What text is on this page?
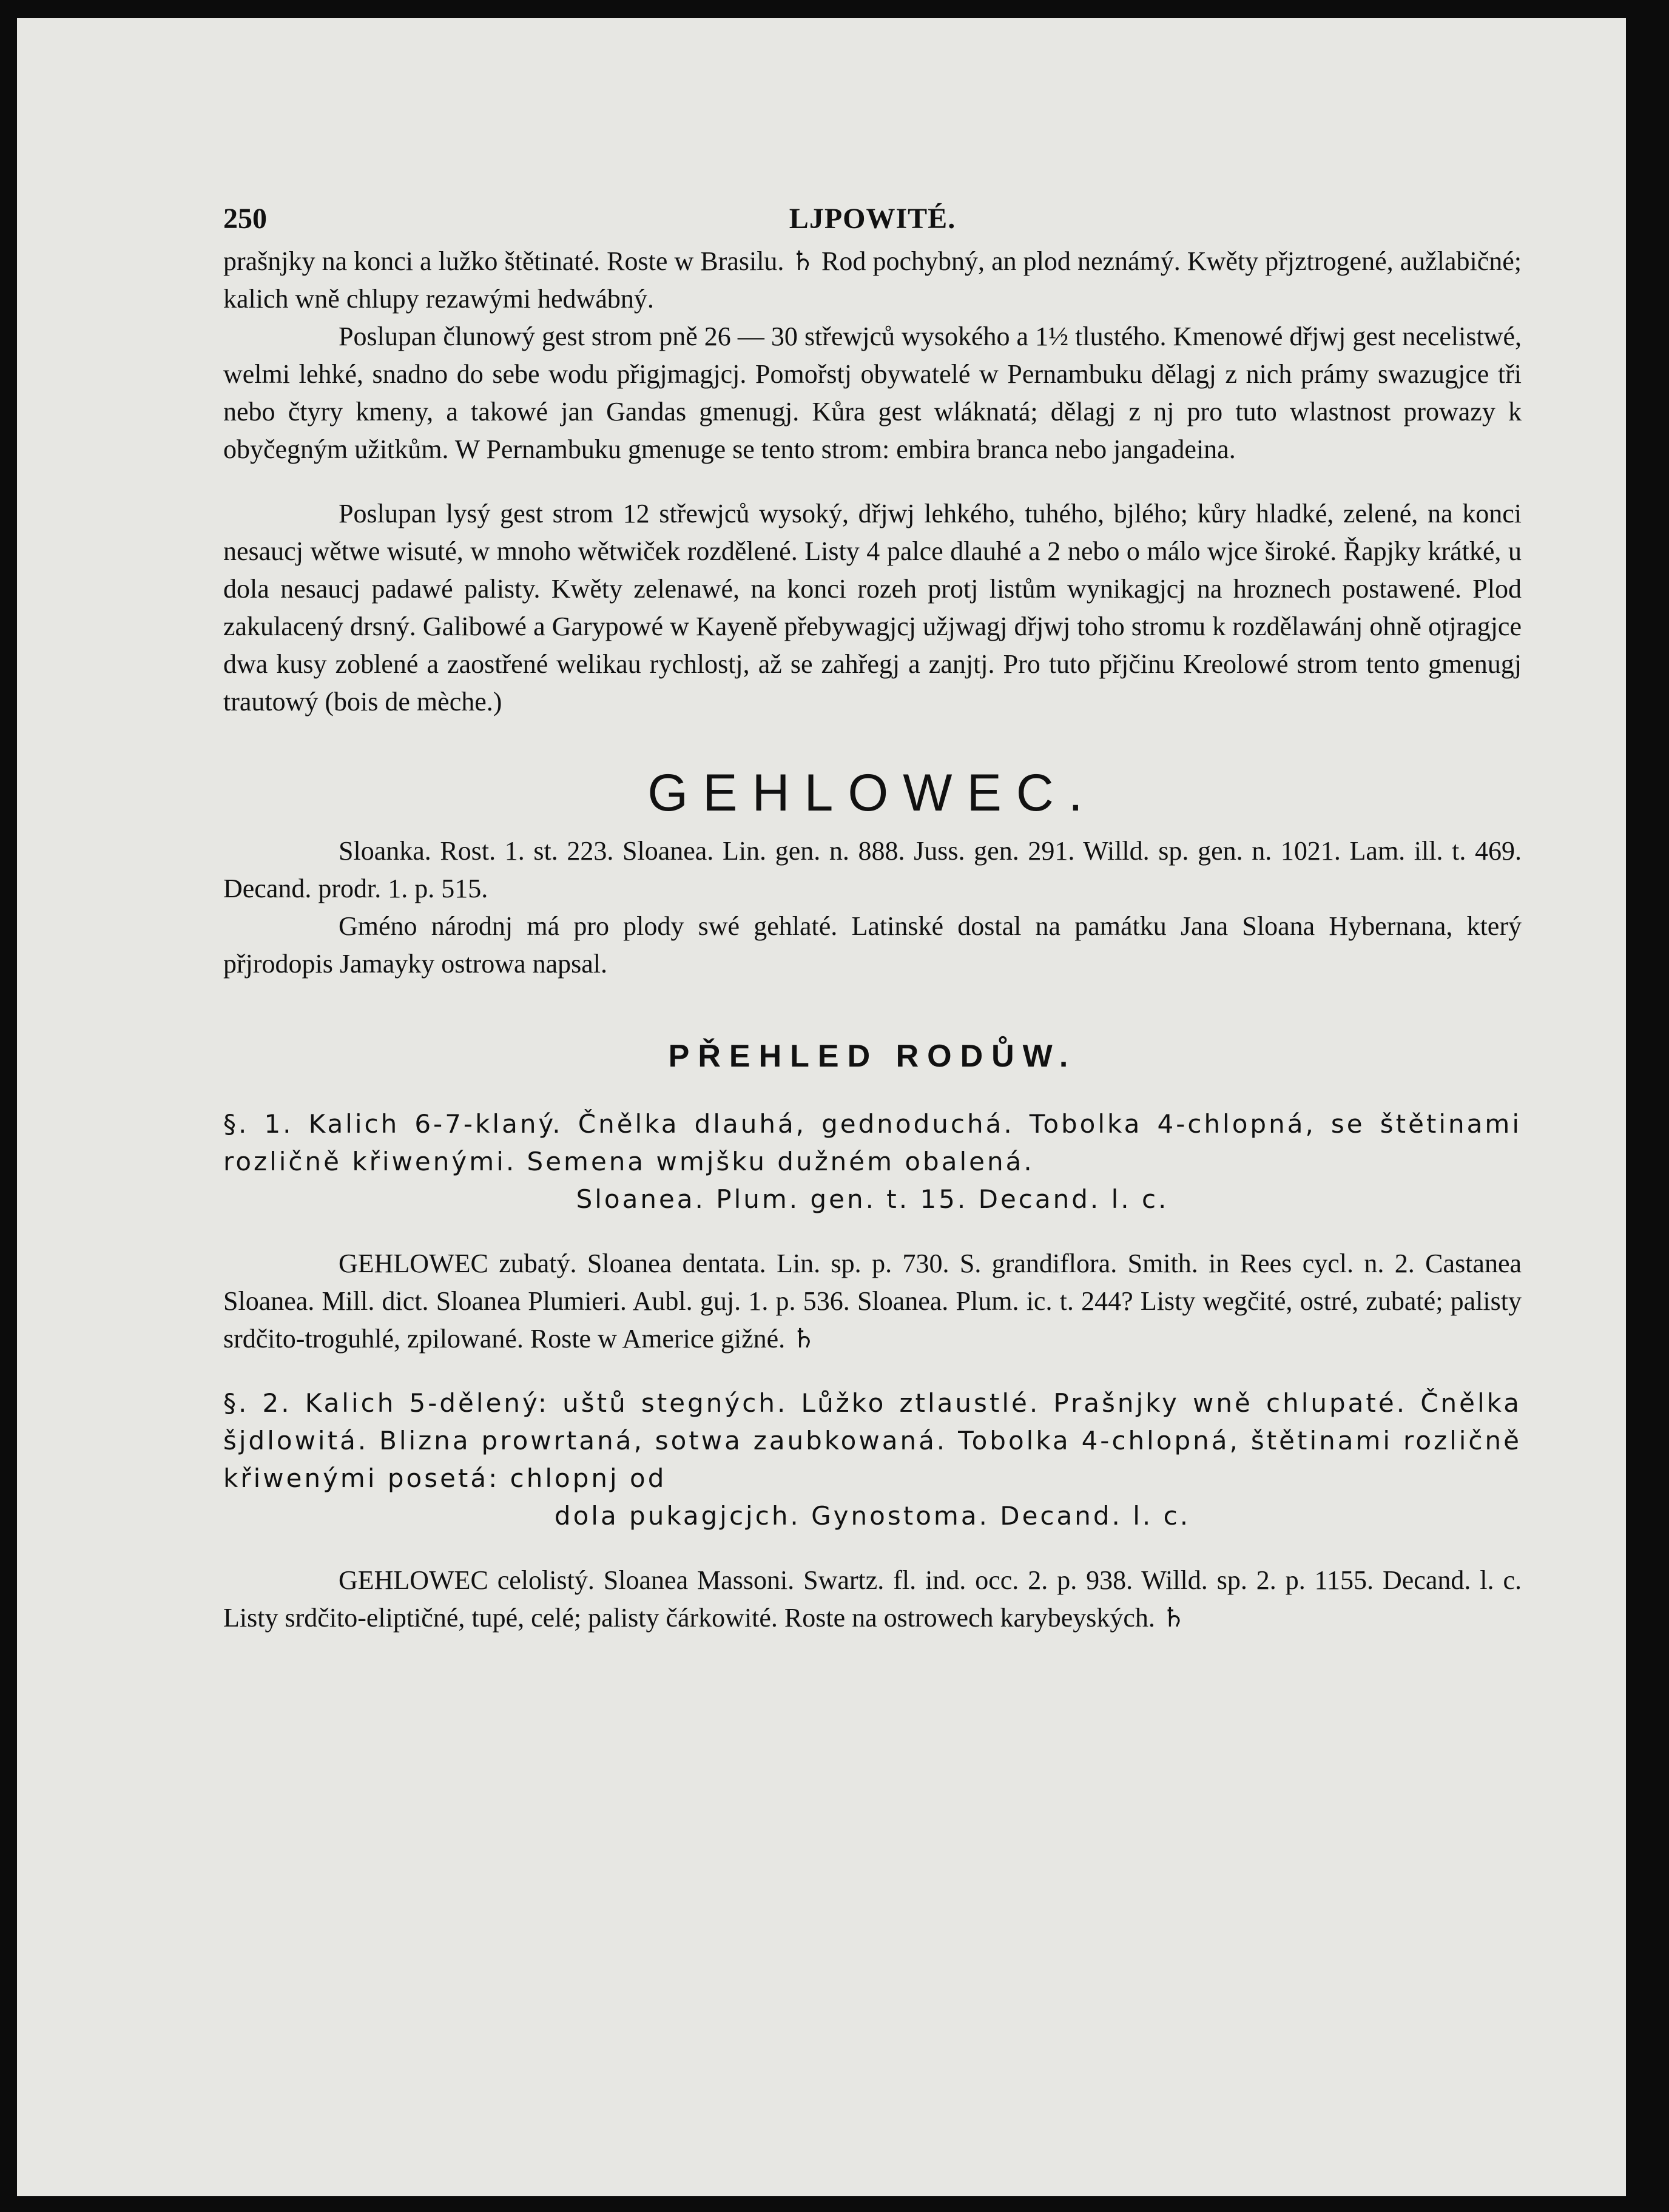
250	LJPOWITÉ.

prašnjky na konci a lužko štětinaté. Roste w Brasilu. ♄ Rod pochybný, an plod neznámý. Kwěty přjztrogené, aužlabičné; kalich wně chlupy rezawými hedwábný.

Poslupan člunowý gest strom pně 26 — 30 střewjců wysokého a 1½ tlustého. Kmenowé dřjwj gest necelistwé, welmi lehké, snadno do sebe wodu přigjmagjcj. Pomořstj obywatelé w Pernambuku dělagj z nich prámy swazugjce tři nebo čtyry kmeny, a takowé jan Gandas gmenugj. Kůra gest wláknatá; dělagj z nj pro tuto wlastnost prowazy k obyčegným užitkům. W Pernambuku gmenuge se tento strom: embira branca nebo jangadeina.

Poslupan lysý gest strom 12 střewjců wysoký, dřjwj lehkého, tuhého, bjlého; kůry hladké, zelené, na konci nesaucj wětwe wisuté, w mnoho wětwiček rozdělené. Listy 4 palce dlauhé a 2 nebo o málo wjce široké. Řapjky krátké, u dola nesaucj padawé palisty. Kwěty zelenawé, na konci rozeh protj listům wynikagjcj na hroznech postawené. Plod zakulacený drsný. Galibowé a Garypowé w Kayeně přebywagjcj užjwagj dřjwj toho stromu k rozdělawánj ohně otjragjce dwa kusy zoblené a zaostřené welikau rychlostj, až se zahřegj a zanjtj. Pro tuto přjčinu Kreolowé strom tento gmenugj trautowý (bois de mèche.)

GEHLOWEC.

Sloanka. Rost. 1. st. 223. Sloanea. Lin. gen. n. 888. Juss. gen. 291. Willd. sp. gen. n. 1021. Lam. ill. t. 469. Decand. prodr. 1. p. 515.

Gméno národnj má pro plody swé gehlaté. Latinské dostal na památku Jana Sloana Hybernana, který přjrodopis Jamayky ostrowa napsal.

PŘEHLED RODŮW.

§. 1. Kalich 6-7-klaný. Čnělka dlauhá, gednoduchá. Tobolka 4-chlopná, se štětinami rozličně křiwenými. Semena wmjšku dužném obalená.

Sloanea. Plum. gen. t. 15. Decand. l. c.

GEHLOWEC zubatý. Sloanea dentata. Lin. sp. p. 730. S. grandiflora. Smith. in Rees cycl. n. 2. Castanea Sloanea. Mill. dict. Sloanea Plumieri. Aubl. guj. 1. p. 536. Sloanea. Plum. ic. t. 244? Listy wegčité, ostré, zubaté; palisty srdčito-troguhlé, zpilowané. Roste w Americe gižné. ♄

§. 2. Kalich 5-dělený: uštů stegných. Lůžko ztlaustlé. Prašnjky wně chlupaté. Čnělka šjdlowitá. Blizna prowrtaná, sotwa zaubkowaná. Tobolka 4-chlopná, štětinami rozličně křiwenými posetá: chlopnj od

dola pukagjcjch. Gynostoma. Decand. l. c.

GEHLOWEC celolistý. Sloanea Massoni. Swartz. fl. ind. occ. 2. p. 938. Willd. sp. 2. p. 1155. Decand. l. c. Listy srdčito-eliptičné, tupé, celé; palisty čárkowité. Roste na ostrowech karybeyských. ♄
